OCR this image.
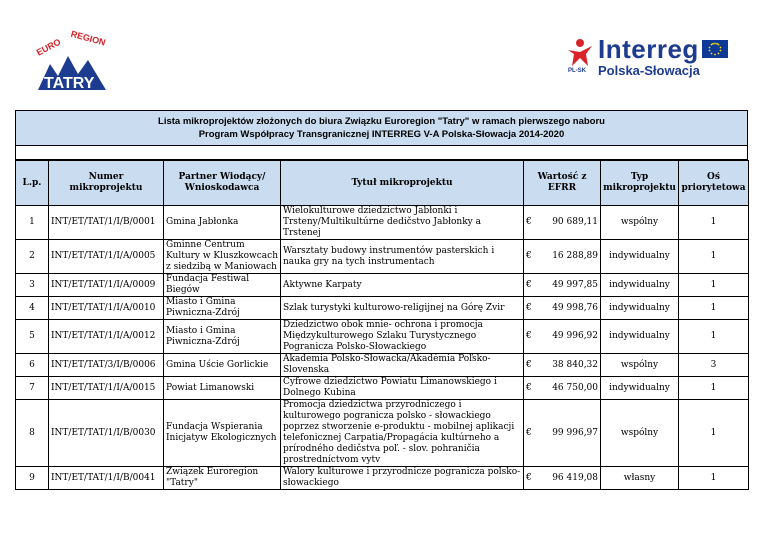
EURO REGION
TATRY
Interreg
Polska-Słowacja
PL-SK
Lista mikroprojektów złożonych do biura Związku Euroregion "Tatry" w ramach pierwszego naboru
Program Współpracy Transgranicznej INTERREG V-A Polska-Słowacja 2014-2020
L.p.	Numer mikroprojektu	Partner Wiodący/ Wnioskodawca	Tytuł mikroprojektu	Wartość z EFRR		Typ mikroprojektu	Oś priorytetowa
1	INT/ET/TAT/1/I/B/0001	Gmina Jabłonka	Wielokulturowe dziedzictwo Jabłonki i Trsteny/Multikultúrne dedičstvo Jabłonky a Trstenej	€	90 689,11	wspólny	1
2	INT/ET/TAT/1/I/A/0005	Gminne Centrum Kultury w Kluszkowcach z siedzibą w Maniowach	Warsztaty budowy instrumentów pasterskich i nauka gry na tych instrumentach	€	16 288,89	indywidualny	1
3	INT/ET/TAT/1/I/A/0009	Fundacja Festiwal Biegów	Aktywne Karpaty	€	49 997,85	indywidualny	1
4	INT/ET/TAT/1/I/A/0010	Miasto i Gmina Piwniczna-Zdrój	Szlak turystyki kulturowo-religijnej na Górę Zvir	€	49 998,76	indywidualny	1
5	INT/ET/TAT/1/I/A/0012	Miasto i Gmina Piwniczna-Zdrój	Dziedzictwo obok mnie- ochrona i promocja Międzykulturowego Szlaku Turystycznego Pogranicza Polsko-Słowackiego	€	49 996,92	indywidualny	1
6	INT/ET/TAT/3/I/B/0006	Gmina Uście Gorlickie	Akademia Polsko-Słowacka/Akadémia Poľsko-Slovenska	€	38 840,32	wspólny	3
7	INT/ET/TAT/1/I/A/0015	Powiat Limanowski	Cyfrowe dziedzictwo Powiatu Limanowskiego i Dolnego Kubina	€	46 750,00	indywidualny	1
8	INT/ET/TAT/1/I/B/0030	Fundacja Wspierania Inicjatyw Ekologicznych	Promocja dziedzictwa przyrodniczego i kulturowego pogranicza polsko - słowackiego poprzez stworzenie e-produktu - mobilnej aplikacji telefonicznej Carpatia/Propagácia kultúrneho a prírodného dedičstva poľ. - slov. pohraničia prostredníctvom vytv	€	99 996,97	wspólny	1
9	INT/ET/TAT/1/I/B/0041	Związek Euroregion "Tatry"	Walory kulturowe i przyrodnicze pogranicza polsko-słowackiego	€	96 419,08	własny	1
